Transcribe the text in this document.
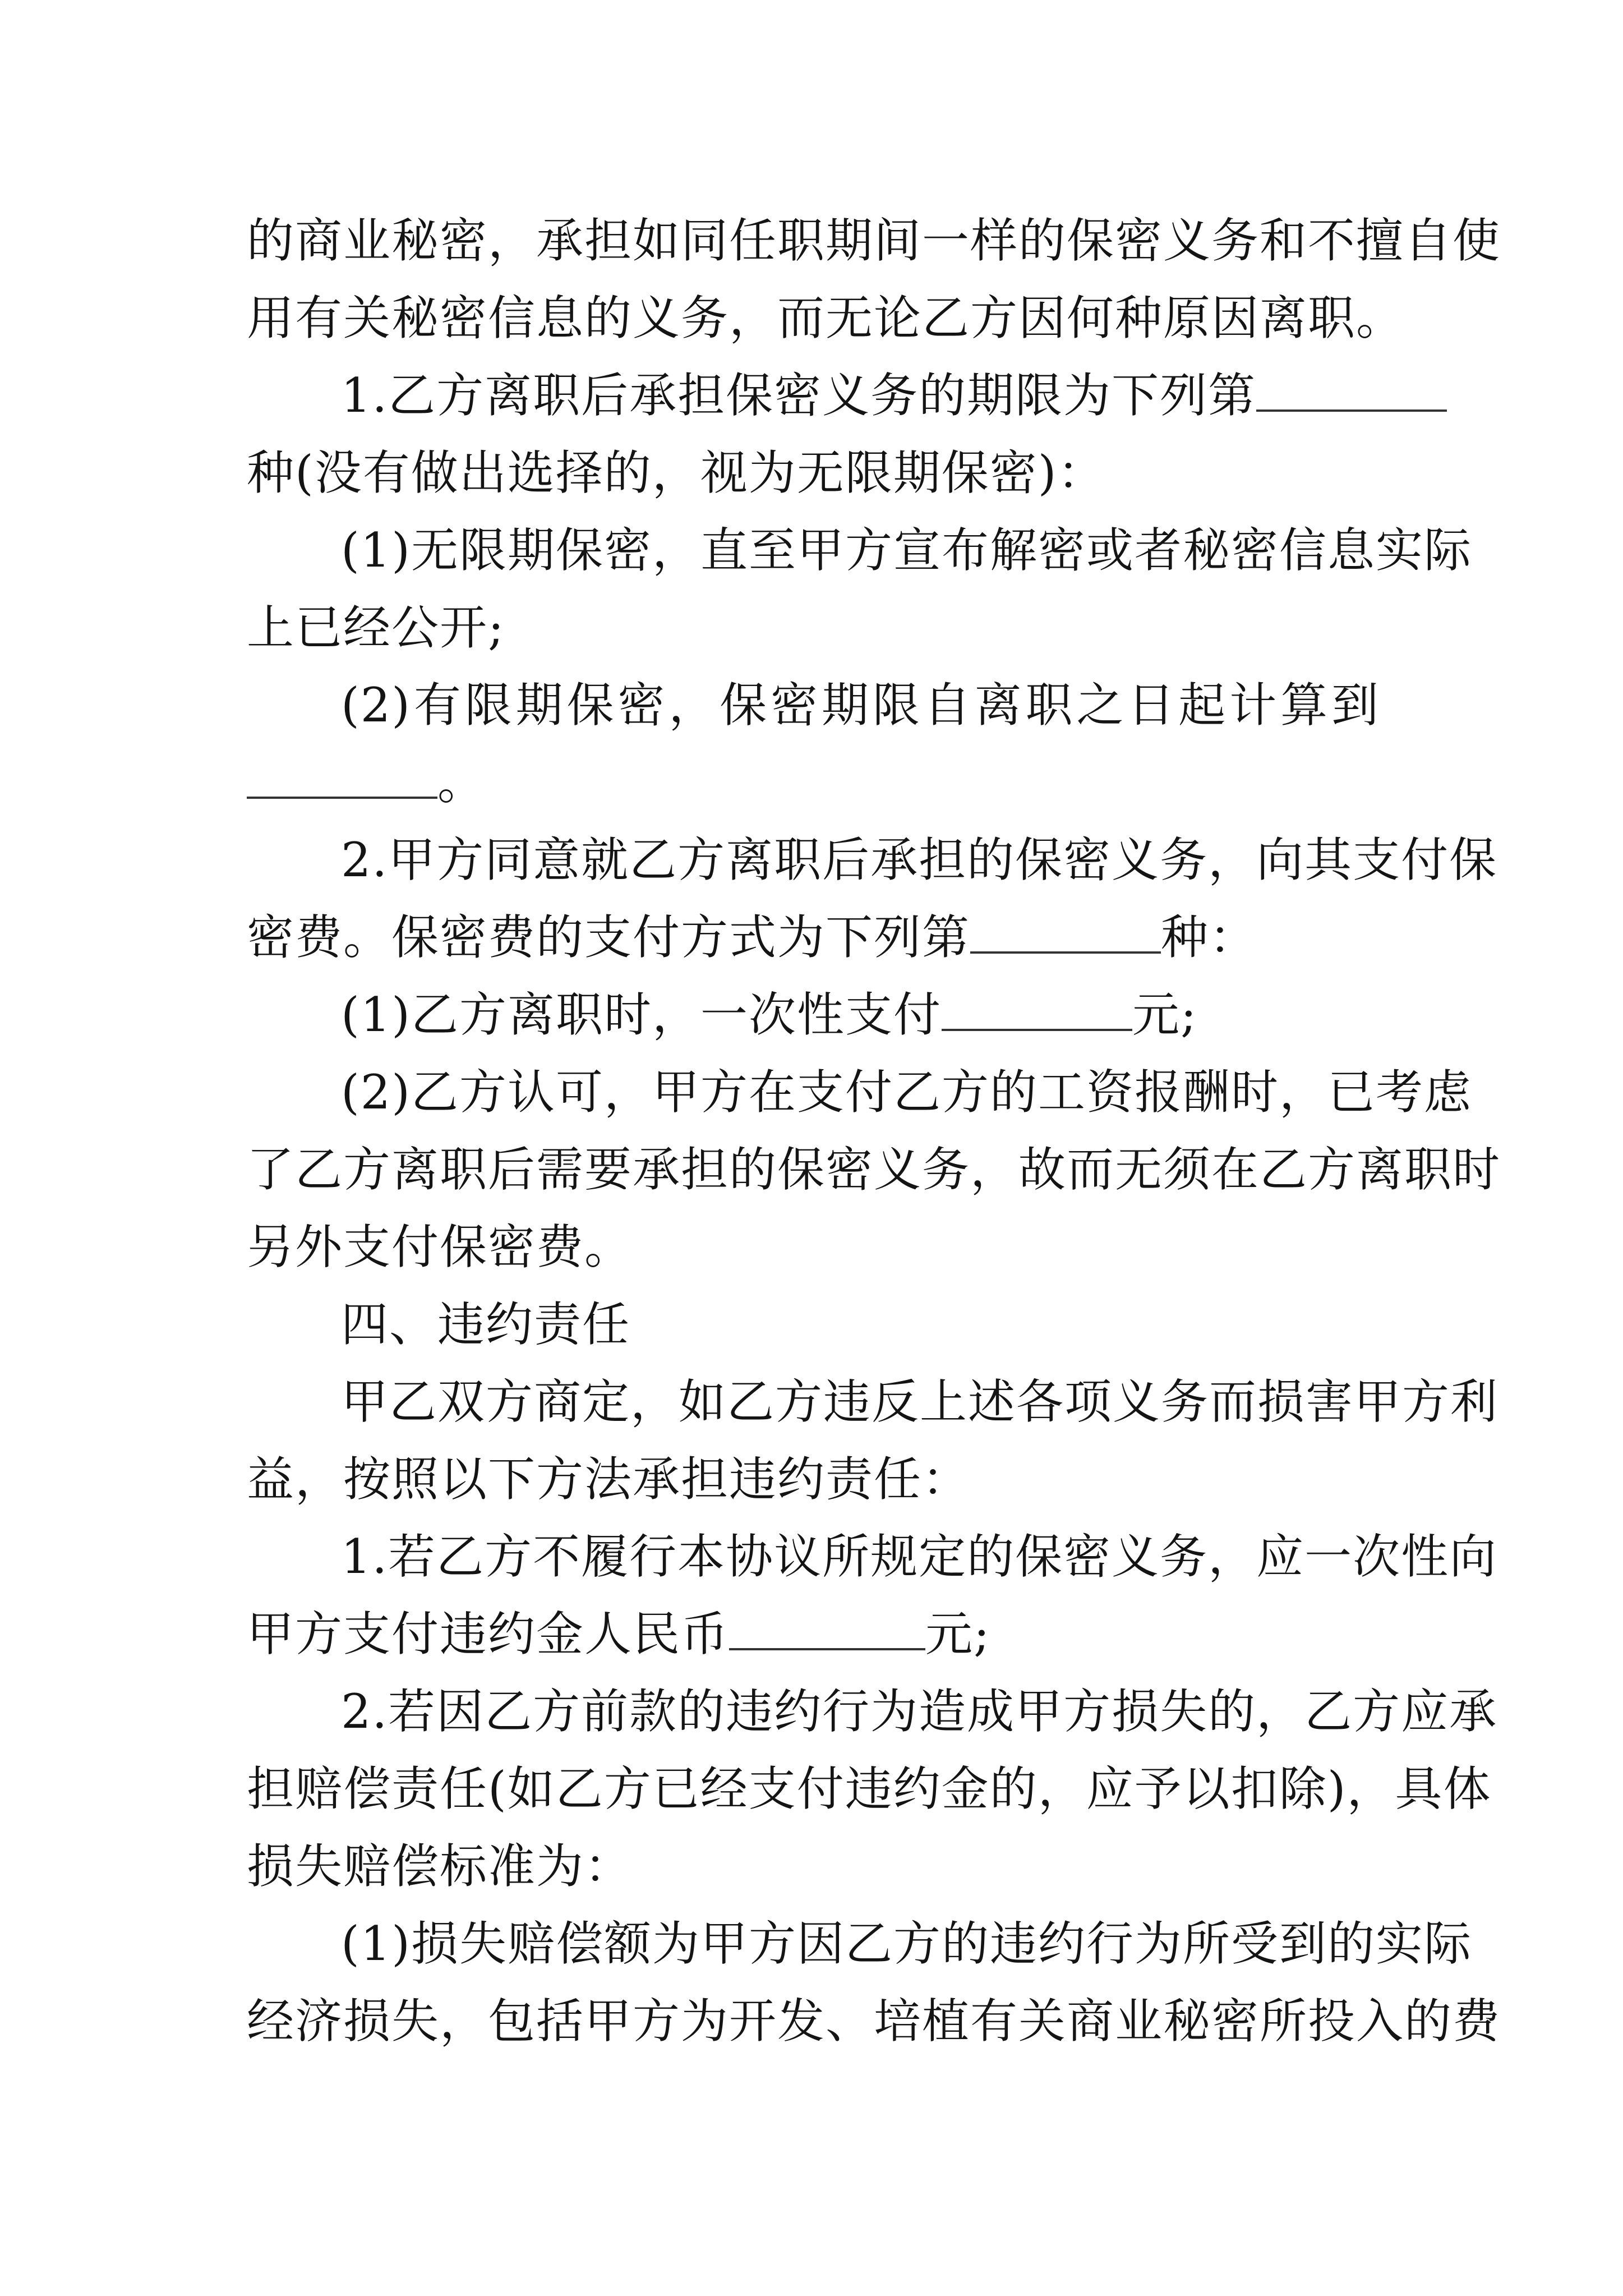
的商业秘密，承担如同任职期间一样的保密义务和不擅自使
用有关秘密信息的义务，而无论乙方因何种原因离职。
1.乙方离职后承担保密义务的期限为下列第
种(没有做出选择的，视为无限期保密)：
(1)无限期保密，直至甲方宣布解密或者秘密信息实际
上已经公开;
(2)有限期保密，保密期限自离职之日起计算到
。
2.甲方同意就乙方离职后承担的保密义务，向其支付保
密费。保密费的支付方式为下列第	种：
(1)乙方离职时，一次性支付	元;
(2)乙方认可，甲方在支付乙方的工资报酬时，已考虑
了乙方离职后需要承担的保密义务，故而无须在乙方离职时
另外支付保密费。
四、违约责任
甲乙双方商定，如乙方违反上述各项义务而损害甲方利
益，按照以下方法承担违约责任：
1.若乙方不履行本协议所规定的保密义务，应一次性向
甲方支付违约金人民币	元;
2.若因乙方前款的违约行为造成甲方损失的，乙方应承
担赔偿责任(如乙方已经支付违约金的，应予以扣除)，具体
损失赔偿标准为：
(1)损失赔偿额为甲方因乙方的违约行为所受到的实际
经济损失，包括甲方为开发、培植有关商业秘密所投入的费
